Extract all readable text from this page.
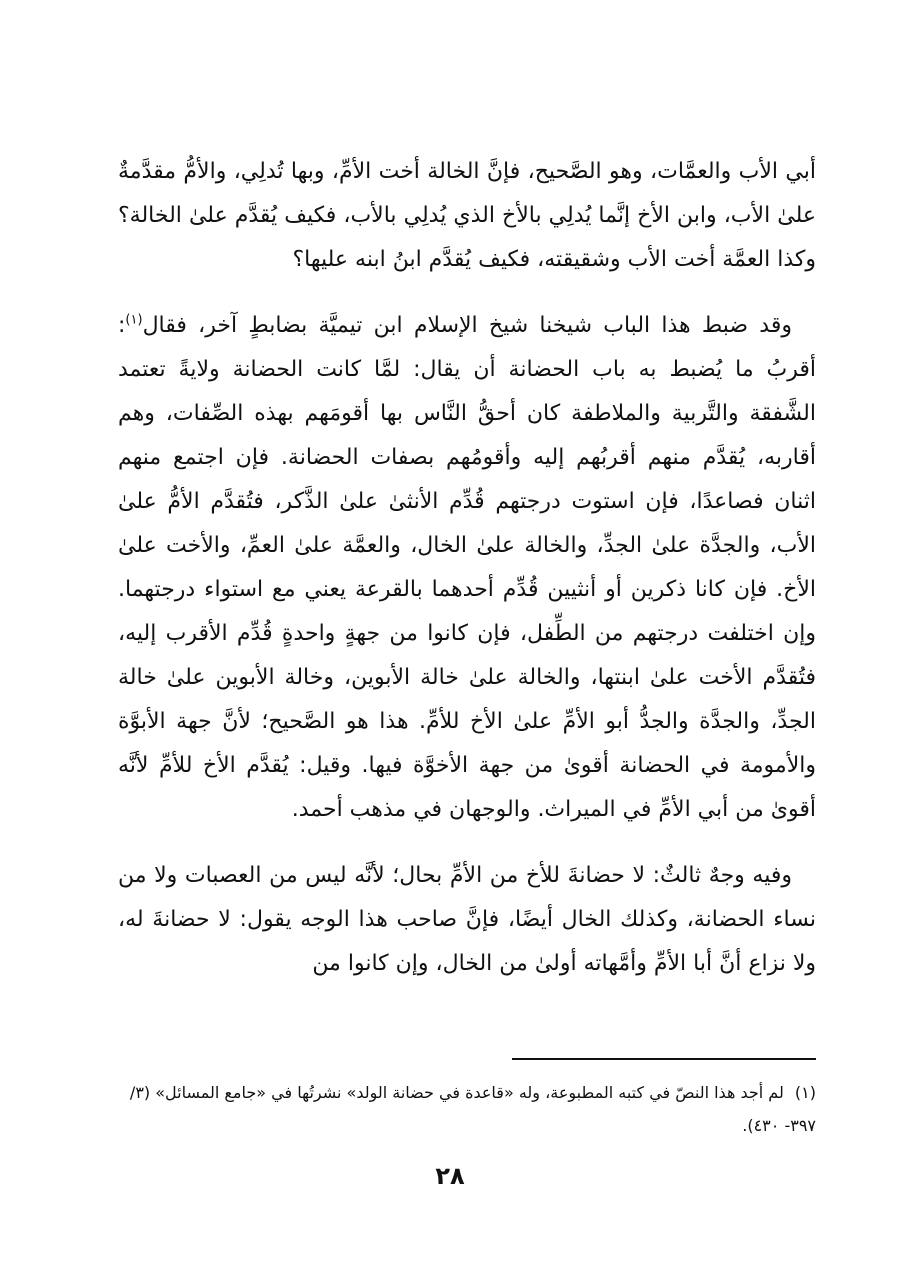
أبي الأب والعمَّات، وهو الصَّحيح، فإنَّ الخالة أخت الأمِّ، وبها تُدلِي، والأمُّ مقدَّمةٌ علىٰ الأب، وابن الأخ إنَّما يُدلِي بالأخ الذي يُدلِي بالأب، فكيف يُقدَّم علىٰ الخالة؟ وكذا العمَّة أخت الأب وشقيقته، فكيف يُقدَّم ابنُ ابنه عليها؟

وقد ضبط هذا الباب شيخنا شيخ الإسلام ابن تيميَّة بضابطٍ آخر، فقال$^{(١)}$: أقربُ ما يُضبط به باب الحضانة أن يقال: لمَّا كانت الحضانة ولايةً تعتمد الشَّفقة والتَّربية والملاطفة كان أحقُّ النَّاس بها أقومَهم بهذه الصِّفات، وهم أقاربه، يُقدَّم منهم أقربُهم إليه وأقومُهم بصفات الحضانة. فإن اجتمع منهم اثنان فصاعدًا، فإن استوت درجتهم قُدِّم الأنثىٰ علىٰ الذَّكر، فتُقدَّم الأمُّ علىٰ الأب، والجدَّة علىٰ الجدِّ، والخالة علىٰ الخال، والعمَّة علىٰ العمِّ، والأخت علىٰ الأخ. فإن كانا ذكرين أو أنثيين قُدِّم أحدهما بالقرعة يعني مع استواء درجتهما. وإن اختلفت درجتهم من الطِّفل، فإن كانوا من جهةٍ واحدةٍ قُدِّم الأقرب إليه، فتُقدَّم الأخت علىٰ ابنتها، والخالة علىٰ خالة الأبوين، وخالة الأبوين علىٰ خالة الجدِّ، والجدَّة والجدُّ أبو الأمِّ علىٰ الأخ للأمِّ. هذا هو الصَّحيح؛ لأنَّ جهة الأبوَّة والأمومة في الحضانة أقوىٰ من جهة الأخوَّة فيها. وقيل: يُقدَّم الأخ للأمِّ لأنَّه أقوىٰ من أبي الأمِّ في الميراث. والوجهان في مذهب أحمد.

وفيه وجهٌ ثالثٌ: لا حضانةَ للأخ من الأمِّ بحال؛ لأنَّه ليس من العصبات ولا من نساء الحضانة، وكذلك الخال أيضًا، فإنَّ صاحب هذا الوجه يقول: لا حضانةَ له، ولا نزاع أنَّ أبا الأمِّ وأمَّهاته أولىٰ من الخال، وإن كانوا من

(١) لم أجد هذا النصّ في كتبه المطبوعة، وله «قاعدة في حضانة الولد» نشرتُها في «جامع المسائل» (٣/ ٣٩٧- ٤٣٠).
٢٨
